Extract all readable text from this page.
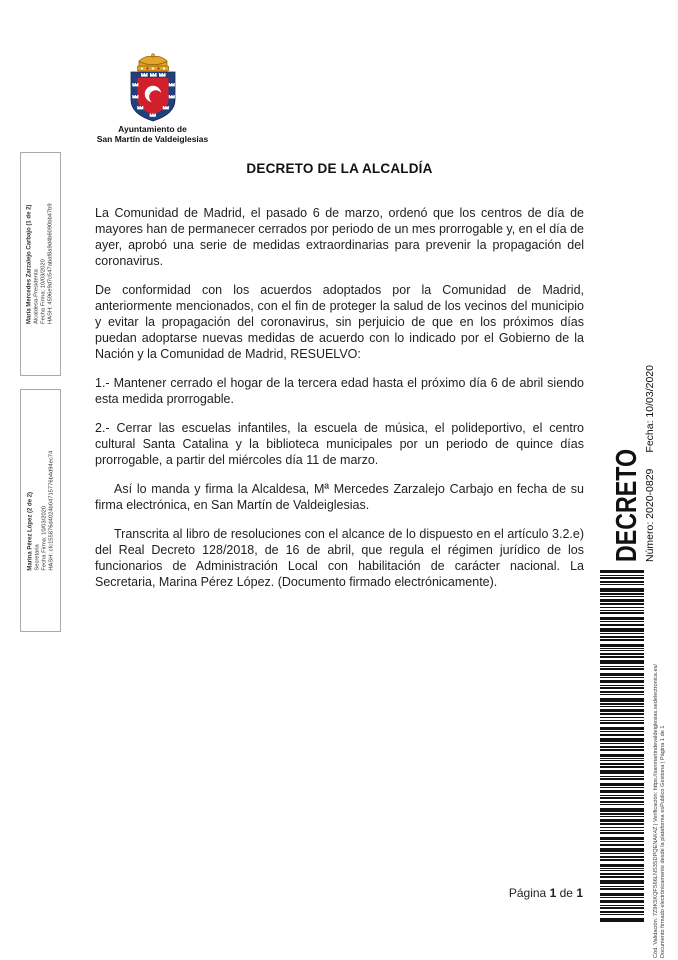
Ayuntamiento de
San Martín de Valdeiglesias
DECRETO DE LA ALCALDÍA

La Comunidad de Madrid, el pasado 6 de marzo, ordenó que los centros de día de mayores han de permanecer cerrados por periodo de un mes prorrogable y, en el día de ayer, aprobó una serie de medidas extraordinarias para prevenir la propagación del coronavirus.

De conformidad con los acuerdos adoptados por la Comunidad de Madrid, anteriormente mencionados, con el fin de proteger la salud de los vecinos del municipio y evitar la propagación del coronavirus, sin perjuicio de que en los próximos días puedan adoptarse nuevas medidas de acuerdo con lo indicado por el Gobierno de la Nación y la Comunidad de Madrid, RESUELVO:

1.- Mantener cerrado el hogar de la tercera edad hasta el próximo día 6 de abril siendo esta medida prorrogable.

2.- Cerrar las escuelas infantiles, la escuela de música, el polideportivo, el centro cultural Santa Catalina y la biblioteca municipales por un periodo de quince días prorrogable, a partir del miércoles día 11 de marzo.

Así lo manda y firma la Alcaldesa, Mª Mercedes Zarzalejo Carbajo en fecha de su firma electrónica, en San Martín de Valdeiglesias.

Transcrita al libro de resoluciones con el alcance de lo dispuesto en el artículo 3.2.e) del Real Decreto 128/2018, de 16 de abril, que regula el régimen jurídico de los funcionarios de Administración Local con habilitación de carácter nacional. La Secretaria, Marina Pérez López. (Documento firmado electrónicamente).

Página 1 de 1
María Mercedes Zarzalejo Carbajo (1 de 2) Alcaldesa-Presidenta Fecha Firma: 10/03/2020 HASH: 4596e9d7c547abaf8a9d4b6090bb47b9
Marina Pérez López (2 de 2) Secretaria Fecha Firma: 10/03/2020 HASH: cfc155876d4024b04715776b4d94ec74	DECRETO Número: 2020-0829Fecha: 10/03/2020
Cód. Validación: 7Z9K5KQFS66LNS3SDPQENAK4Z | Verificación: https://sanmartindevaldeiglesias.sedelectronica.es/ Documento firmado electrónicamente desde la plataforma esPublico Gestiona | Página 1 de 1
